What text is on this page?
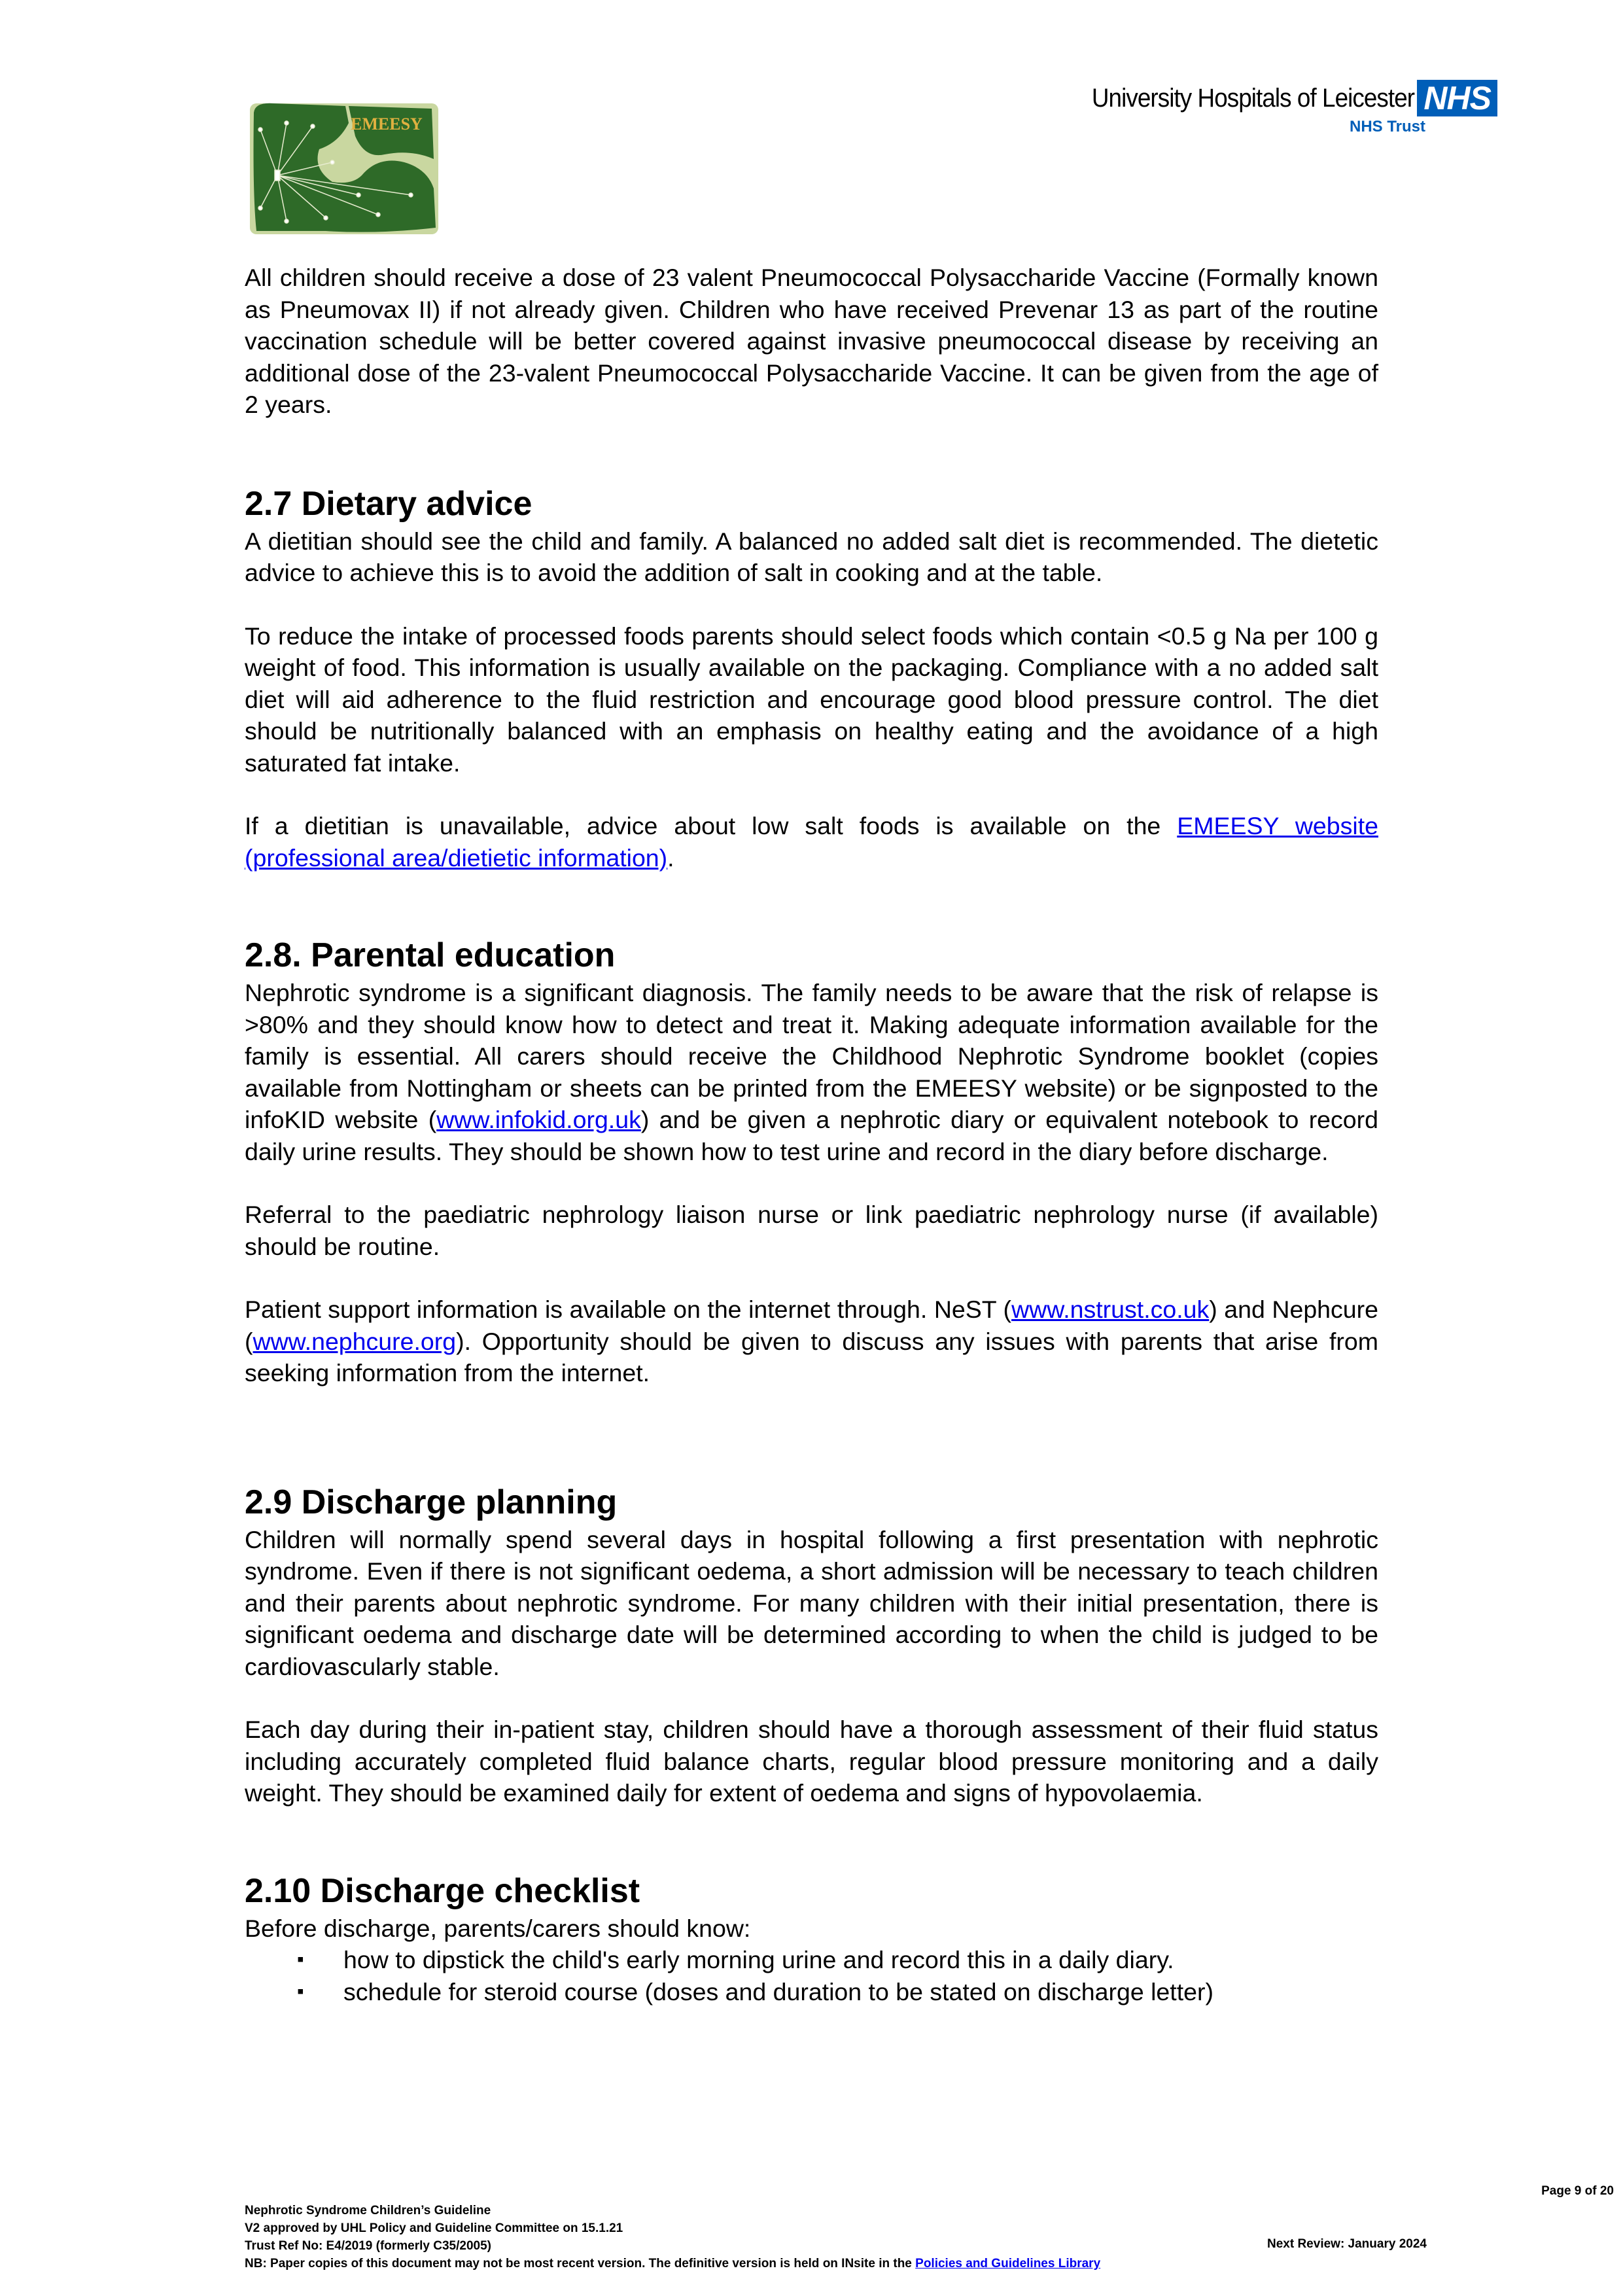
EMEESY
University Hospitals of Leicester NHS
NHS Trust

All children should receive a dose of 23 valent Pneumococcal Polysaccharide Vaccine (Formally known as Pneumovax II) if not already given. Children who have received Prevenar 13 as part of the routine vaccination schedule will be better covered against invasive pneumococcal disease by receiving an additional dose of the 23-valent Pneumococcal Polysaccharide Vaccine. It can be given from the age of 2 years.

2.7 Dietary advice

A dietitian should see the child and family. A balanced no added salt diet is recommended. The dietetic advice to achieve this is to avoid the addition of salt in cooking and at the table.

To reduce the intake of processed foods parents should select foods which contain <0.5 g Na per 100 g weight of food. This information is usually available on the packaging. Compliance with a no added salt diet will aid adherence to the fluid restriction and encourage good blood pressure control. The diet should be nutritionally balanced with an emphasis on healthy eating and the avoidance of a high saturated fat intake.

If a dietitian is unavailable, advice about low salt foods is available on the EMEESY website (professional area/dietietic information).

2.8. Parental education

Nephrotic syndrome is a significant diagnosis. The family needs to be aware that the risk of relapse is >80% and they should know how to detect and treat it. Making adequate information available for the family is essential. All carers should receive the Childhood Nephrotic Syndrome booklet (copies available from Nottingham or sheets can be printed from the EMEESY website) or be signposted to the infoKID website (www.infokid.org.uk) and be given a nephrotic diary or equivalent notebook to record daily urine results. They should be shown how to test urine and record in the diary before discharge.

Referral to the paediatric nephrology liaison nurse or link paediatric nephrology nurse (if available) should be routine.

Patient support information is available on the internet through. NeST (www.nstrust.co.uk) and Nephcure (www.nephcure.org). Opportunity should be given to discuss any issues with parents that arise from seeking information from the internet.

2.9 Discharge planning

Children will normally spend several days in hospital following a first presentation with nephrotic syndrome. Even if there is not significant oedema, a short admission will be necessary to teach children and their parents about nephrotic syndrome. For many children with their initial presentation, there is significant oedema and discharge date will be determined according to when the child is judged to be cardiovascularly stable.

Each day during their in-patient stay, children should have a thorough assessment of their fluid status including accurately completed fluid balance charts, regular blood pressure monitoring and a daily weight. They should be examined daily for extent of oedema and signs of hypovolaemia.

2.10 Discharge checklist

Before discharge, parents/carers should know:

▪ how to dipstick the child's early morning urine and record this in a daily diary.
▪ schedule for steroid course (doses and duration to be stated on discharge letter)
Page 9 of 20
Nephrotic Syndrome Children’s Guideline
V2 approved by UHL Policy and Guideline Committee on 15.1.21
Trust Ref No: E4/2019 (formerly C35/2005)
NB: Paper copies of this document may not be most recent version. The definitive version is held on INsite in the Policies and Guidelines Library
Next Review: January 2024
